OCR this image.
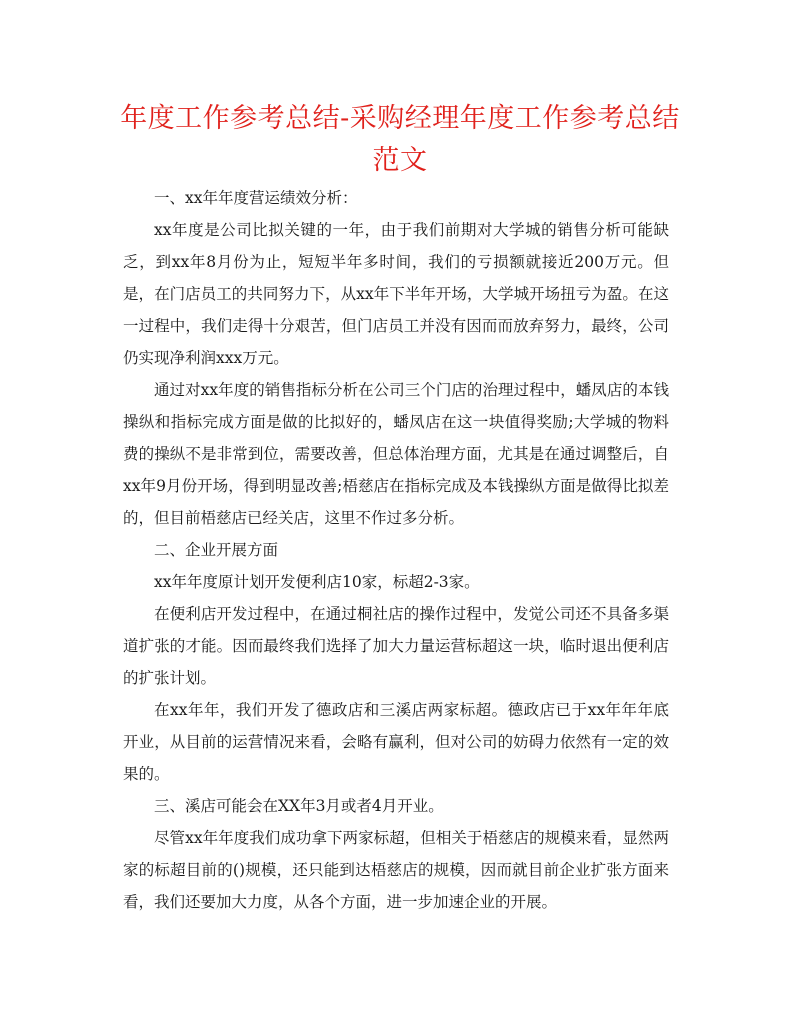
年度工作参考总结-采购经理年度工作参考总结范文

一、xx年年度营运绩效分析：

xx年度是公司比拟关键的一年，由于我们前期对大学城的销售分析可能缺乏，到xx年8月份为止，短短半年多时间，我们的亏损额就接近200万元。但是，在门店员工的共同努力下，从xx年下半年开场，大学城开场扭亏为盈。在这一过程中，我们走得十分艰苦，但门店员工并没有因而而放弃努力，最终，公司仍实现净利润xxx万元。

通过对xx年度的销售指标分析在公司三个门店的治理过程中，蟠凤店的本钱操纵和指标完成方面是做的比拟好的，蟠凤店在这一块值得奖励;大学城的物料费的操纵不是非常到位，需要改善，但总体治理方面，尤其是在通过调整后，自xx年9月份开场，得到明显改善;梧慈店在指标完成及本钱操纵方面是做得比拟差的，但目前梧慈店已经关店，这里不作过多分析。

二、企业开展方面

xx年年度原计划开发便利店10家，标超2-3家。

在便利店开发过程中，在通过桐社店的操作过程中，发觉公司还不具备多渠道扩张的才能。因而最终我们选择了加大力量运营标超这一块，临时退出便利店的扩张计划。

在xx年年，我们开发了德政店和三溪店两家标超。德政店已于xx年年年底开业，从目前的运营情况来看，会略有赢利，但对公司的妨碍力依然有一定的效果的。

三、溪店可能会在XX年3月或者4月开业。

尽管xx年年度我们成功拿下两家标超，但相关于梧慈店的规模来看，显然两家的标超目前的()规模，还只能到达梧慈店的规模，因而就目前企业扩张方面来看，我们还要加大力度，从各个方面，进一步加速企业的开展。
